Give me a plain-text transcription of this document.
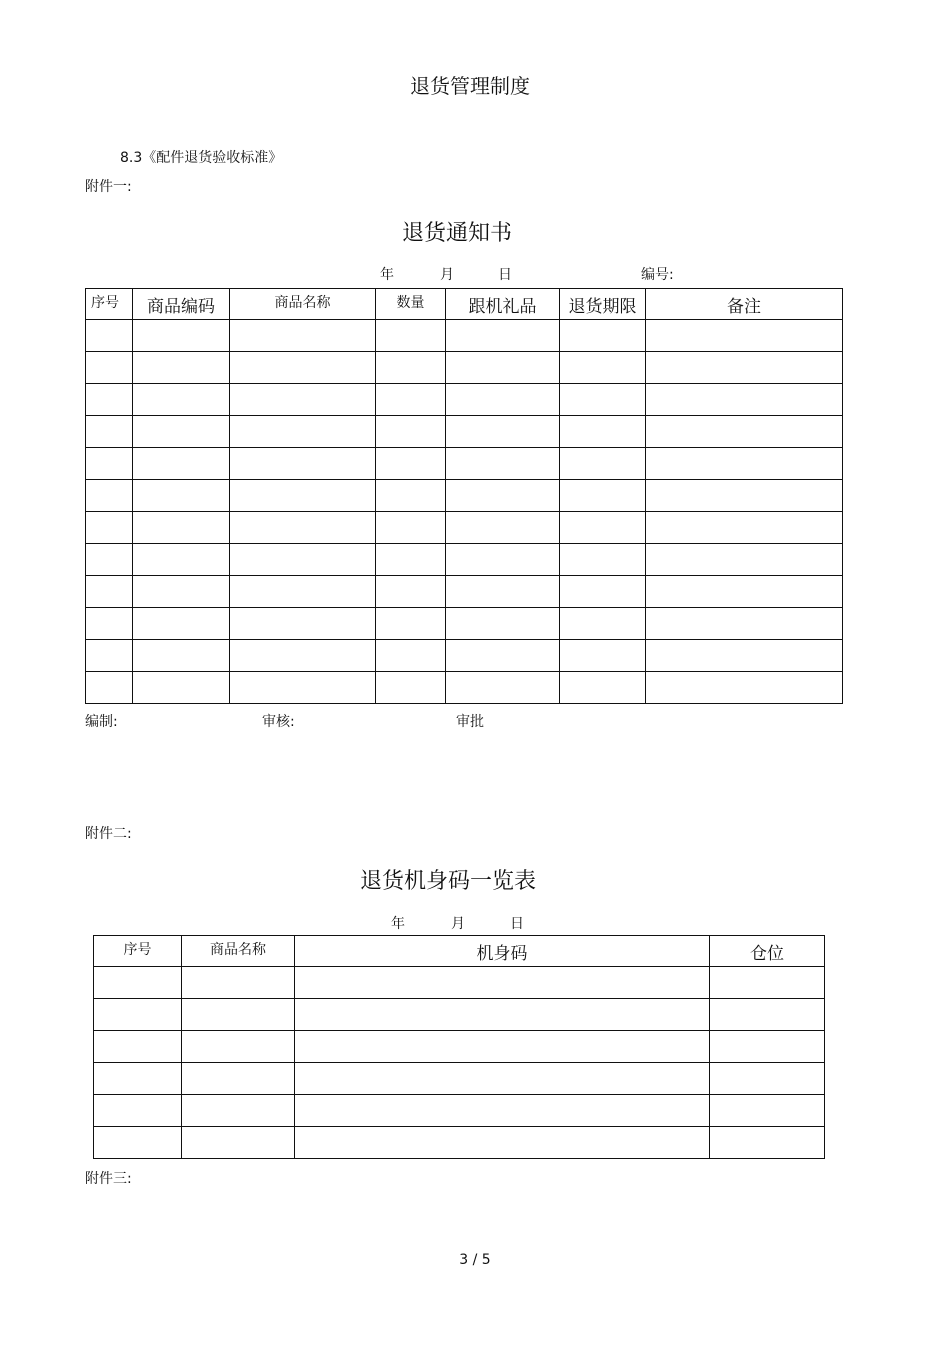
退货管理制度
8.3《配件退货验收标准》
附件一:
退货通知书
年	月	日	编号:
序号	商品编码	商品名称	数量	跟机礼品	退货期限	备注

编制:	审核:	审批
附件二:
退货机身码一览表
年	月	日
序号	商品名称	机身码	仓位

附件三:
3 / 5
